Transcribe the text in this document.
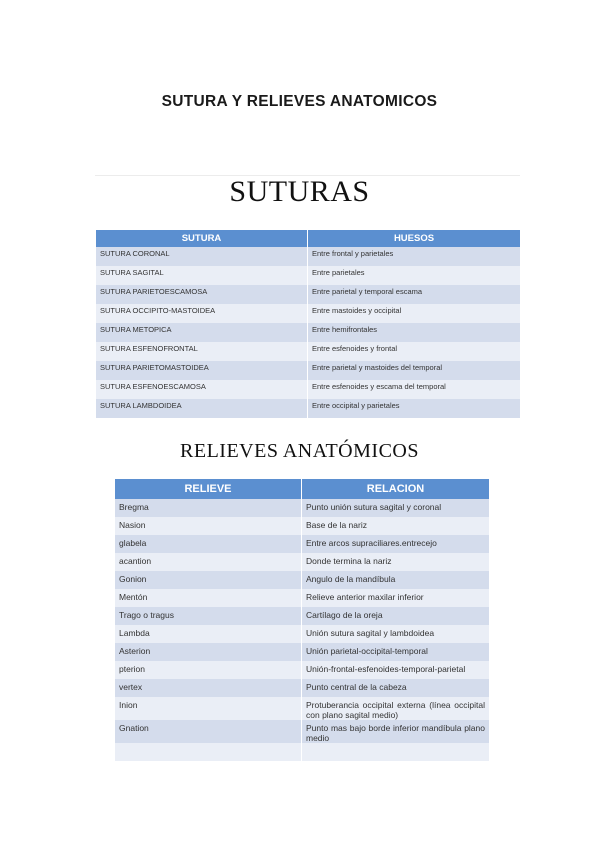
SUTURA Y RELIEVES ANATOMICOS
SUTURAS
SUTURA	HUESOS
SUTURA CORONAL	Entre frontal y parietales
SUTURA SAGITAL	Entre parietales
SUTURA PARIETOESCAMOSA	Entre parietal y temporal escama
SUTURA OCCIPITO-MASTOIDEA	Entre mastoides y occipital
SUTURA METOPICA	Entre hemifrontales
SUTURA ESFENOFRONTAL	Entre esfenoides y frontal
SUTURA PARIETOMASTOIDEA	Entre parietal y mastoides del temporal
SUTURA ESFENOESCAMOSA	Entre esfenoides y escama del temporal
SUTURA LAMBDOIDEA	Entre occipital y parietales
RELIEVES ANATÓMICOS
RELIEVE	RELACION
Bregma	Punto unión sutura sagital y coronal
Nasion	Base de la nariz
glabela	Entre arcos supraciliares.entrecejo
acantion	Donde termina la nariz
Gonion	Angulo de la mandíbula
Mentón	Relieve anterior maxilar inferior
Trago o tragus	Cartílago de la oreja
Lambda	Unión sutura sagital y lambdoidea
Asterion	Unión parietal-occipital-temporal
pterion	Unión-frontal-esfenoides-temporal-parietal
vertex	Punto central de la cabeza
Inion	Protuberancia occipital externa (línea occipital con plano sagital medio)
Gnation	Punto mas bajo borde inferior mandíbula plano medio
